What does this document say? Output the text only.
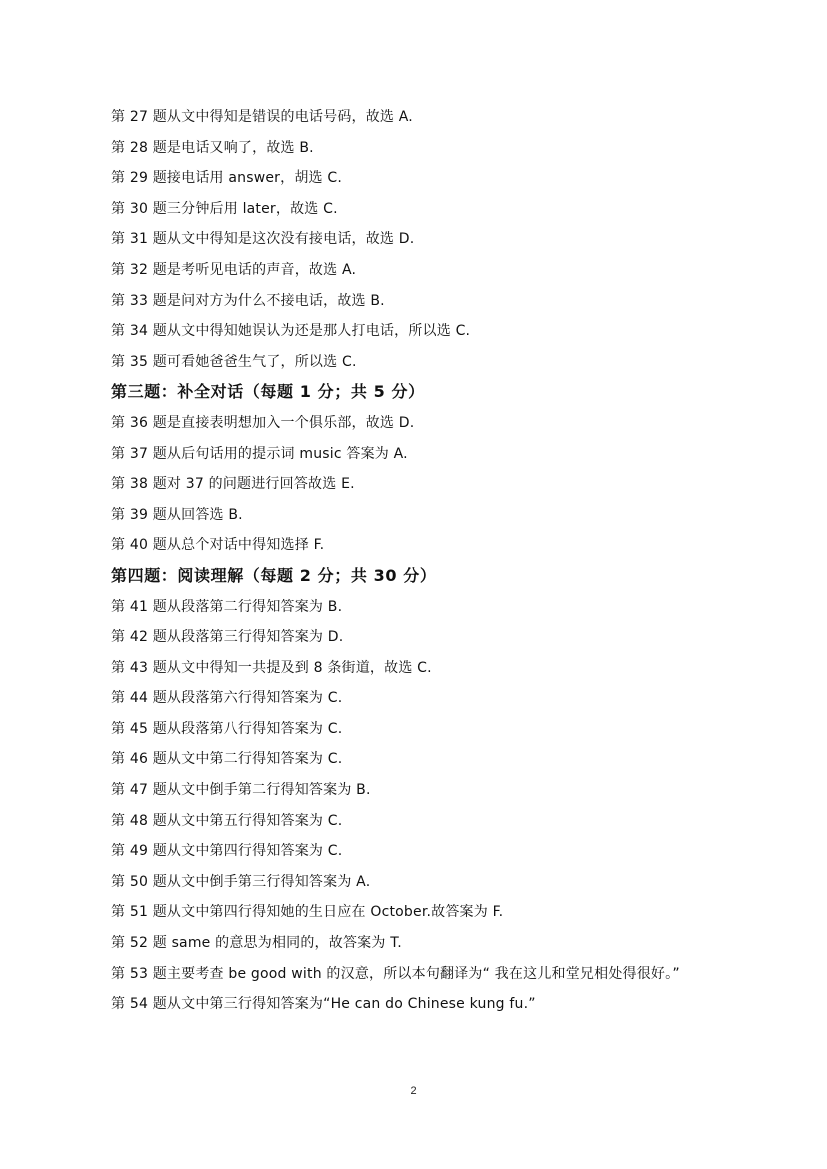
第 27 题从文中得知是错误的电话号码，故选 A.
第 28 题是电话又响了，故选 B.
第 29 题接电话用 answer，胡选 C.
第 30 题三分钟后用 later，故选 C.
第 31 题从文中得知是这次没有接电话，故选 D.
第 32 题是考听见电话的声音，故选 A.
第 33 题是问对方为什么不接电话，故选 B.
第 34 题从文中得知她误认为还是那人打电话，所以选 C.
第 35 题可看她爸爸生气了，所以选 C.
第三题：补全对话（每题 1 分；共 5 分）
第 36 题是直接表明想加入一个俱乐部，故选 D.
第 37 题从后句话用的提示词 music 答案为 A.
第 38 题对 37 的问题进行回答故选 E.
第 39 题从回答选 B.
第 40 题从总个对话中得知选择 F.
第四题：阅读理解（每题 2 分；共 30 分）
第 41 题从段落第二行得知答案为 B.
第 42 题从段落第三行得知答案为 D.
第 43 题从文中得知一共提及到 8 条街道，故选 C.
第 44 题从段落第六行得知答案为 C.
第 45 题从段落第八行得知答案为 C.
第 46 题从文中第二行得知答案为 C.
第 47 题从文中倒手第二行得知答案为 B.
第 48 题从文中第五行得知答案为 C.
第 49 题从文中第四行得知答案为 C.
第 50 题从文中倒手第三行得知答案为 A.
第 51 题从文中第四行得知她的生日应在 October.故答案为 F.
第 52 题 same 的意思为相同的，故答案为 T.
第 53 题主要考查 be good with 的汉意，所以本句翻译为“ 我在这儿和堂兄相处得很好。”
第 54 题从文中第三行得知答案为“He can do Chinese kung fu.”
2
